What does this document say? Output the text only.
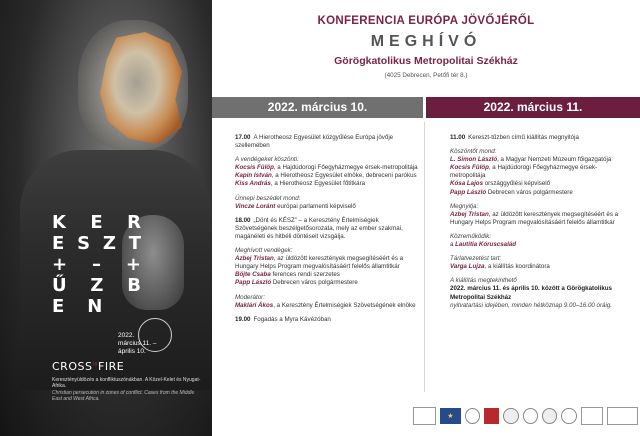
K E R
E S Z T
+ – +
Ű Z B
E N
2022.
március 11. –
április 10.
$CROSS^{in}FIRE$
Keresztényüldözés a konfliktuszónákban. A Közel-Kelet és Nyugat-Afrika.
Christian persecution in zones of conflict. Cases from the Middle East and West Africa.
KONFERENCIA EURÓPA JÖVŐJÉRŐL
MEGHÍVÓ
Görögkatolikus Metropolitai Székház
(4025 Debrecen, Petőfi tér 8.)
2022. március 10.	2022. március 11.

17.00 A Hierotheosz Egyesület közgyűlése Európa jövője szellemében

A vendégeket köszönti:

Kocsis Fülöp, a Hajdúdorogi Főegyházmegye érsek-metropolitája

Kapin István, a Hierotheosz Egyesület elnöke, debreceni parókus

Kiss András, a Hierotheosz Egyesület főtitkára

Ünnepi beszédet mond:

Vincze Loránt európai parlamenti képviselő

18.00 „Dönt és KÉSZ” – a Keresztény Értelmiségiek Szövetségének beszélgetősorozata, mely az ember szakmai, magánéleti és hitbéli döntéseit vizsgálja.

Meghívott vendégek:

Azbej Tristan, az üldözött keresztények megsegítéséért és a Hungary Helps Program megvalósításáért felelős államtitkár

Böjte Csaba ferences rendi szerzetes

Papp László Debrecen város polgármestere

Moderátor:

Maklári Ákos, a Keresztény Értelmiségiek Szövetségének elnöke

19.00 Fogadás a Myra Kávézóban

11.00 Kereszt-tűzben című kiállítás megnyitója

Köszöntőt mond:

L. Simon László, a Magyar Nemzeti Múzeum főigazgatója

Kocsis Fülöp, a Hajdúdorogi Főegyházmegye érsek-metropolitája

Kósa Lajos országgyűlési képviselő

Papp László Debrecen város polgármestere

Megnyitja:

Azbej Tristan, az üldözött keresztények megsegítéséért és a Hungary Helps Program megvalósításáért felelős államtitkár

Közreműködik:

a Lautitia Kóruscsalád

Tárlatvezetést tart:

Varga Lujza, a kiállítás koordinátora

A kiállítás megtekinthető

2022. március 11. és április 10. között a Görögkatolikus Metropolitai Székház

nyitvatartási idejében, minden hétköznap 9.00–16.00 óráig.

★
